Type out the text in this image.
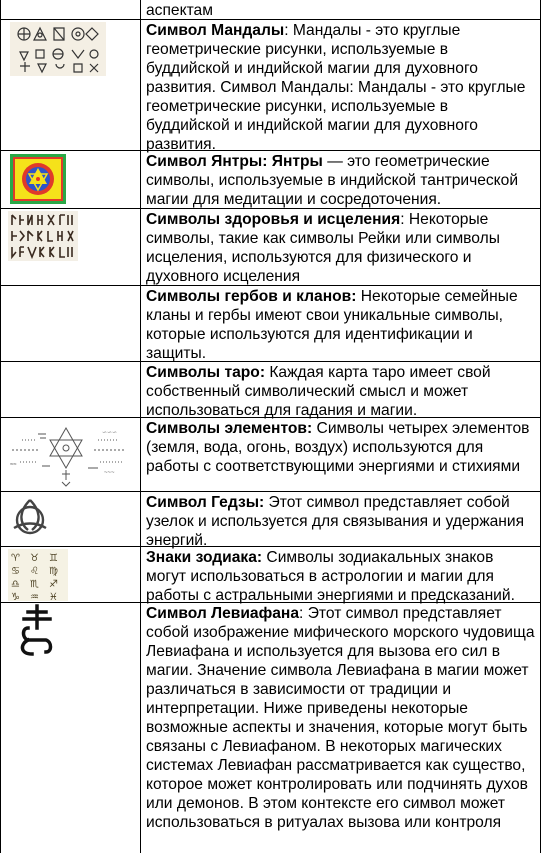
аспектам
Символ Мандалы: Мандалы - это круглые геометрические рисунки, используемые в буддийской и индийской магии для духовного развития. Символ Мандалы: Мандалы - это круглые геометрические рисунки, используемые в буддийской и индийской магии для духовного развития.
Символ Янтры: Янтры — это геометрические символы, используемые в индийской тантрической магии для медитации и сосредоточения.
Символы здоровья и исцеления: Некоторые символы, такие как символы Рейки или символы исцеления, используются для физического и духовного исцеления
Символы гербов и кланов: Некоторые семейные кланы и гербы имеют свои уникальные символы, которые используются для идентификации и защиты.
Символы таро: Каждая карта таро имеет свой собственный символический смысл и может использоваться для гадания и магии.
∽∽∽
≈≈
~~~
Символы элементов: Символы четырех элементов (земля, вода, огонь, воздух) используются для работы с соответствующими энергиями и стихиями
Символ Гедзы: Этот символ представляет собой узелок и используется для связывания и удержания энергий.
♈ ♉ ♊
♋ ♌ ♍
♎ ♏ ♐
♑ ♒ ♓
Знаки зодиака: Символы зодиакальных знаков могут использоваться в астрологии и магии для работы с астральными энергиями и предсказаний.
Символ Левиафана: Этот символ представляет собой изображение мифического морского чудовища Левиафана и используется для вызова его сил в магии. Значение символа Левиафана в магии может различаться в зависимости от традиции и интерпретации. Ниже приведены некоторые возможные аспекты и значения, которые могут быть связаны с Левиафаном. В некоторых магических системах Левиафан рассматривается как существо, которое может контролировать или подчинять духов или демонов. В этом контексте его символ может использоваться в ритуалах вызова или контроля
